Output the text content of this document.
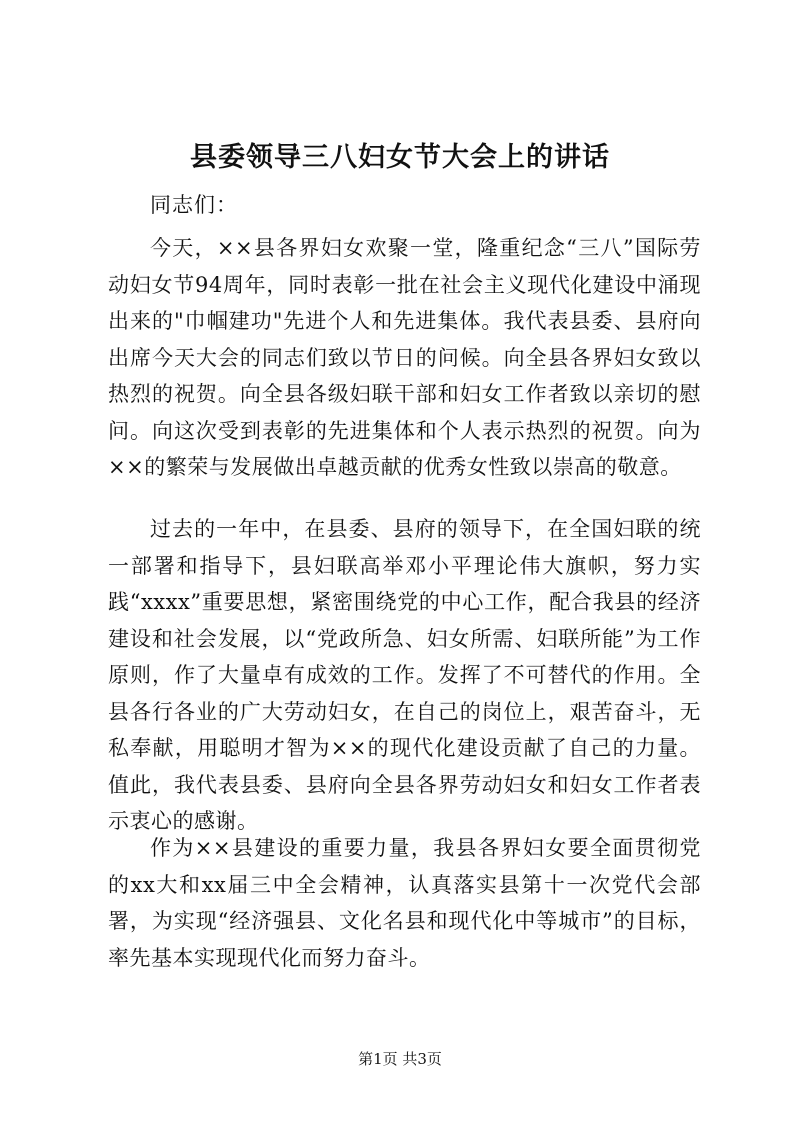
县委领导三八妇女节大会上的讲话

同志们：

今天，××县各界妇女欢聚一堂，隆重纪念“三八”国际劳动妇女节94周年，同时表彰一批在社会主义现代化建设中涌现出来的"巾帼建功"先进个人和先进集体。我代表县委、县府向出席今天大会的同志们致以节日的问候。向全县各界妇女致以热烈的祝贺。向全县各级妇联干部和妇女工作者致以亲切的慰问。向这次受到表彰的先进集体和个人表示热烈的祝贺。向为××的繁荣与发展做出卓越贡献的优秀女性致以崇高的敬意。

过去的一年中，在县委、县府的领导下，在全国妇联的统一部署和指导下，县妇联高举邓小平理论伟大旗帜，努力实践“xxxx”重要思想，紧密围绕党的中心工作，配合我县的经济建设和社会发展，以“党政所急、妇女所需、妇联所能”为工作原则，作了大量卓有成效的工作。发挥了不可替代的作用。全县各行各业的广大劳动妇女，在自己的岗位上，艰苦奋斗，无私奉献，用聪明才智为××的现代化建设贡献了自己的力量。值此，我代表县委、县府向全县各界劳动妇女和妇女工作者表示衷心的感谢。

作为××县建设的重要力量，我县各界妇女要全面贯彻党的xx大和xx届三中全会精神，认真落实县第十一次党代会部署，为实现“经济强县、文化名县和现代化中等城市”的目标，率先基本实现现代化而努力奋斗。

第1页 共3页
